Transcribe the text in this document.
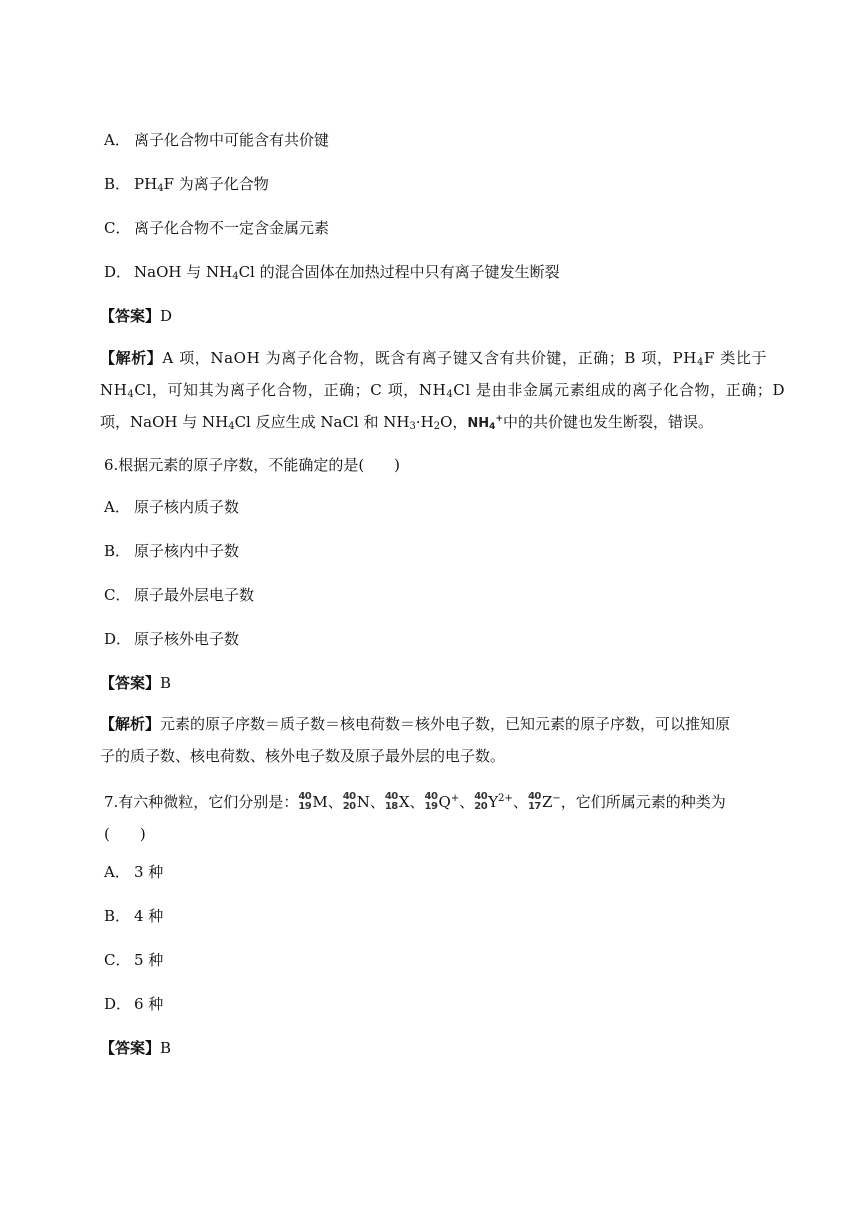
A． 离子化合物中可能含有共价键
B． $PH_4F$ 为离子化合物
C． 离子化合物不一定含金属元素
D． NaOH 与 $NH_4Cl$ 的混合固体在加热过程中只有离子键发生断裂
【答案】D
【解析】A 项，NaOH 为离子化合物，既含有离子键又含有共价键，正确；B 项，$PH_4F$ 类比于
$NH_4Cl$，可知其为离子化合物，正确；C 项，$NH_4Cl$ 是由非金属元素组成的离子化合物，正确；D
项，NaOH 与 $NH_4Cl$ 反应生成 NaCl 和 $NH_3\cdot H_2O$，$NH_4^+$中的共价键也发生断裂，错误。
6.根据元素的原子序数，不能确定的是(　　)
A． 原子核内质子数
B． 原子核内中子数
C． 原子最外层电子数
D． 原子核外电子数
【答案】B
【解析】元素的原子序数＝质子数＝核电荷数＝核外电子数，已知元素的原子序数，可以推知原
子的质子数、核电荷数、核外电子数及原子最外层的电子数。
7.有六种微粒，它们分别是： 40
19 M、 40
20 N、 40
18 X、 40
19 Q+、 40
20 $Y^{2+}$、 40
17 Z−，它们所属元素的种类为
(　　)
A． 3 种
B． 4 种
C． 5 种
D． 6 种
【答案】B
